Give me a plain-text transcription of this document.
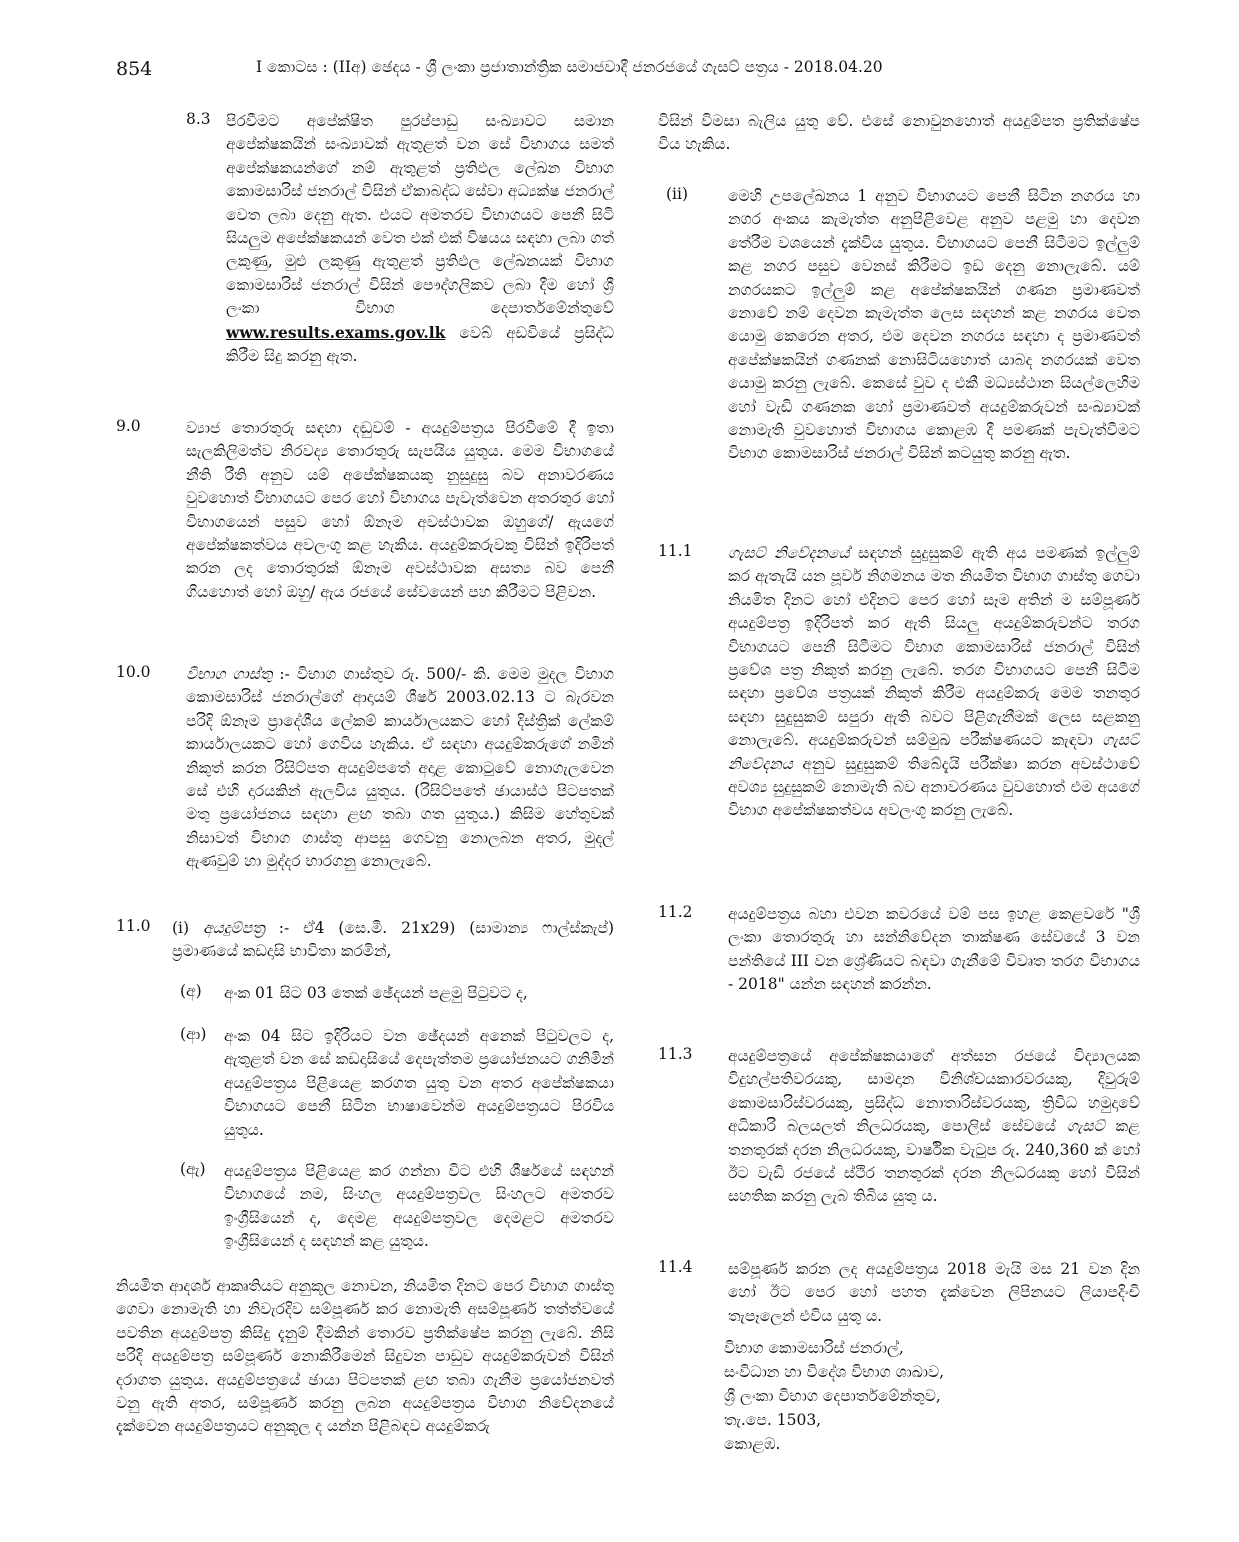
854	I කොටස : (IIඅ) ඡෙදය - ශ්‍රී ලංකා ප්‍රජාතාන්ත්‍රික සමාජවාදී ජනරජයේ ගැසට් පත්‍රය - 2018.04.20
8.3 පිරවීමට අපේක්ෂිත පුරප්පාඩු සංඛ්‍යාවට සමාන අපේක්ෂකයින් සංඛ්‍යාවක් ඇතුළත් වන සේ විභාගය සමත් අපේක්ෂකයන්ගේ නම් ඇතුළත් ප්‍රතිඵල ලේඛන විභාග කොමසාරිස් ජනරාල් විසින් ඒකාබද්ධ සේවා අධ්‍යක්ෂ ජනරාල් වෙත ලබා දෙනු ඇත. එයට අමතරව විභාගයට පෙනී සිටි සියලුම අපේක්ෂකයන් වෙත එක් එක් විෂයය සඳහා ලබා ගත් ලකුණු, මුළු ලකුණු ඇතුළත් ප්‍රතිඵල ලේඛනයක් විභාග කොමසාරිස් ජනරාල් විසින් පෞද්ගලිකව ලබා දීම හෝ ශ්‍රී ලංකා විභාග දෙපාර්තමේන්තුවේ www.results.exams.gov.lk වෙබ් අඩවියේ ප්‍රසිද්ධ කිරීම සිදු කරනු ඇත.
9.0	ව්‍යාජ තොරතුරු සඳහා දඬුවම් - අයදුම්පත්‍රය පිරවීමේ දී ඉතා සැලකිලිමත්ව නිරවද්‍ය තොරතුරු සැපයිය යුතුය. මෙම විභාගයේ නීති රීති අනුව යම් අපේක්ෂකයකු නුසුදුසු බව අනාවරණය වුවහොත් විභාගයට පෙර හෝ විභාගය පැවැත්වෙන අතරතුර හෝ විභාගයෙන් පසුව හෝ ඕනෑම අවස්ථාවක ඔහුගේ/ ඇයගේ අපේක්ෂකත්වය අවලංගු කළ හැකිය. අයදුම්කරුවකු විසින් ඉදිරිපත් කරන ලද තොරතුරක් ඕනෑම අවස්ථාවක අසත්‍ය බව පෙනී ගියහොත් හෝ ඔහු/ ඇය රජයේ සේවයෙන් පහ කිරීමට පිළිවන.
10.0 විභාග ගාස්තු :- විභාග ගාස්තුව රු. 500/- කි. මෙම මුදල විභාග කොමසාරිස් ජනරාල්ගේ ආදායම් ශීර්ෂ 2003.02.13 ට බැරවන පරිදි ඕනෑම ප්‍රාදේශීය ලේකම් කාර්යාලයකට හෝ දිස්ත්‍රික් ලේකම් කාර්යාලයකට හෝ ගෙවිය හැකිය. ඒ සඳහා අයදුම්කරුගේ නමින් නිකුත් කරන රිසිට්පත අයදුම්පතේ අදාළ කොටුවේ නොගැලවෙන සේ එහි දාරයකින් ඇලවිය යුතුය. (රිසිට්පතේ ඡායාස්ථ පිටපතක් මතු ප්‍රයෝජනය සඳහා ළඟ තබා ගත යුතුය.) කිසිම හේතුවක් නිසාවත් විභාග ගාස්තු ආපසු ගෙවනු නොලබන අතර, මුදල් ඇණවුම් හා මුද්දර භාරගනු නොලැබේ.
11.0 (i) අයදුම්පත්‍ර :- ඒ4 (සෙ.මී. 21x29) (සාමාන්‍ය ෆාල්ස්කැප්) ප්‍රමාණයේ කඩදාසි භාවිතා කරමින්,
(අ) අංක 01 සිට 03 තෙක් ඡේදයන් පළමු පිටුවට ද,
(ආ) අංක 04 සිට ඉදිරියට වන ඡේදයන් අනෙක් පිටුවලට ද, ඇතුළත් වන සේ කඩදාසියේ දෙපැත්තම ප්‍රයෝජනයට ගනිමින් අයදුම්පත්‍රය පිළියෙළ කරගත යුතු වන අතර අපේක්ෂකයා විභාගයට පෙනී සිටින භාෂාවෙන්ම අයදුම්පත්‍රයට පිරවිය යුතුය.
(ඇ) අයදුම්පත්‍රය පිළියෙළ කර ගන්නා විට එහි ශීර්ෂයේ සඳහන් විභාගයේ නම, සිංහල අයදුම්පත්‍රවල සිංහලට අමතරව ඉංග්‍රීසියෙන් ද, දෙමළ අයදුම්පත්‍රවල දෙමළට අමතරව ඉංග්‍රීසියෙන් ද සඳහන් කළ යුතුය.
නියමිත ආදර්ශ ආකෘතියට අනුකූල නොවන, නියමිත දිනට පෙර විභාග ගාස්තු ගෙවා නොමැති හා නිවැරදිව සම්පූර්ණ කර නොමැති අසම්පූර්ණ තත්ත්වයේ පවතින අයදුම්පත්‍ර කිසිදු දැනුම් දීමකින් තොරව ප්‍රතික්ෂේප කරනු ලැබේ. නිසි පරිදි අයදුම්පත්‍ර සම්පූර්ණ නොකිරීමෙන් සිදුවන පාඩුව අයදුම්කරුවන් විසින් දරාගත යුතුය. අයදුම්පත්‍රයේ ඡායා පිටපතක් ළඟ තබා ගැනීම ප්‍රයෝජනවත් වනු ඇති අතර, සම්පූර්ණ කරනු ලබන අයදුම්පත්‍රය විභාග නිවේදනයේ දැක්වෙන අයදුම්පත්‍රයට අනුකූල ද යන්න පිළිබඳව අයදුම්කරු
විසින් විමසා බැලිය යුතු වේ. එසේ නොවුනහොත් අයදුම්පත ප්‍රතික්ෂේප විය හැකිය.
(ii)	මෙහි උපලේඛනය 1 අනුව විභාගයට පෙනී සිටින නගරය හා නගර අංකය කැමැත්ත අනුපිළිවෙළ අනුව පළමු හා දෙවන තේරීම වශයෙන් දැක්විය යුතුය. විභාගයට පෙනී සිටීමට ඉල්ලුම් කළ නගර පසුව වෙනස් කිරීමට ඉඩ දෙනු නොලැබේ. යම් නගරයකට ඉල්ලුම් කළ අපේක්ෂකයින් ගණන ප්‍රමාණවත් නොවේ නම් දෙවන කැමැත්ත ලෙස සඳහන් කළ නගරය වෙත යොමු කෙරෙන අතර, එම දෙවන නගරය සඳහා ද ප්‍රමාණවත් අපේක්ෂකයින් ගණනක් නොසිටියහොත් යාබද නගරයක් වෙත යොමු කරනු ලැබේ. කෙසේ වුව ද එකී මධ්‍යස්ථාන සියල්ලෙහිම හෝ වැඩි ගණනක හෝ ප්‍රමාණවත් අයදුම්කරුවන් සංඛ්‍යාවක් නොමැති වුවහොත් විභාගය කොළඹ දී පමණක් පැවැත්වීමට විභාග කොමසාරිස් ජනරාල් විසින් කටයුතු කරනු ඇත.
11.1 ගැසට් නිවේදනයේ සඳහන් සුදුසුකම් ඇති අය පමණක් ඉල්ලුම් කර ඇතැයි යන පූර්ව නිගමනය මත නියමිත විභාග ගාස්තු ගෙවා නියමිත දිනට හෝ එදිනට පෙර හෝ සෑම අතින් ම සම්පූර්ණ අයදුම්පත්‍ර ඉදිරිපත් කර ඇති සියලු අයදුම්කරුවන්ට තරග විභාගයට පෙනී සිටීමට විභාග කොමසාරිස් ජනරාල් විසින් ප්‍රවේශ පත්‍ර නිකුත් කරනු ලැබේ. තරග විභාගයට පෙනී සිටීම සඳහා ප්‍රවේශ පත්‍රයක් නිකුත් කිරීම අයදුම්කරු මෙම තනතුර සඳහා සුදුසුකම් සපුරා ඇති බවට පිළිගැනීමක් ලෙස සළකනු නොලැබේ. අයදුම්කරුවන් සම්මුඛ පරීක්ෂණයට කැඳවා ගැසට් නිවේදනය අනුව සුදුසුකම් තිබේදැයි පරීක්ෂා කරන අවස්ථාවේ අවශ්‍ය සුදුසුකම් නොමැති බව අනාවරණය වුවහොත් එම අයගේ විභාග අපේක්ෂකත්වය අවලංගු කරනු ලැබේ.
11.2 අයදුම්පත්‍රය බහා එවන කවරයේ වම් පස ඉහළ කෙළවරේ "ශ්‍රී ලංකා තොරතුරු හා සන්නිවේදන තාක්ෂණ සේවයේ 3 වන පන්තියේ III වන ශ්‍රේණියට බඳවා ගැනීමේ විවෘත තරග විභාගය - 2018" යන්න සඳහන් කරන්න.
11.3 අයදුම්පත්‍රයේ අපේක්ෂකයාගේ අත්සන රජයේ විද්‍යාලයක විදුහල්පතිවරයකු, සාමදාන විනිශ්චයකාරවරයකු, දිවුරුම් කොමසාරිස්වරයකු, ප්‍රසිද්ධ නොතාරිස්වරයකු, ත්‍රිවිධ හමුදාවේ අධිකාරි බලයලත් නිලධරයකු, පොලිස් සේවයේ ගැසට් කළ තනතුරක් දරන නිලධරයකු, වාර්ෂික වැටුප රු. 240,360 ක් හෝ ඊට වැඩි රජයේ ස්ථිර තනතුරක් දරන නිලධරයකු හෝ විසින් සහතික කරනු ලැබ තිබිය යුතු ය.
11.4 සම්පූර්ණ කරන ලද අයදුම්පත්‍රය 2018 මැයි මස 21 වන දින හෝ ඊට පෙර හෝ පහත දැක්වෙන ලිපිනයට ලියාපදිංචි තැපෑලෙන් එවිය යුතු ය.
විභාග කොමසාරිස් ජනරාල්,
සංවිධාන හා විදේශ විභාග ශාඛාව,
ශ්‍රී ලංකා විභාග දෙපාර්තමේන්තුව,
තැ.පෙ. 1503,
කොළඹ.
